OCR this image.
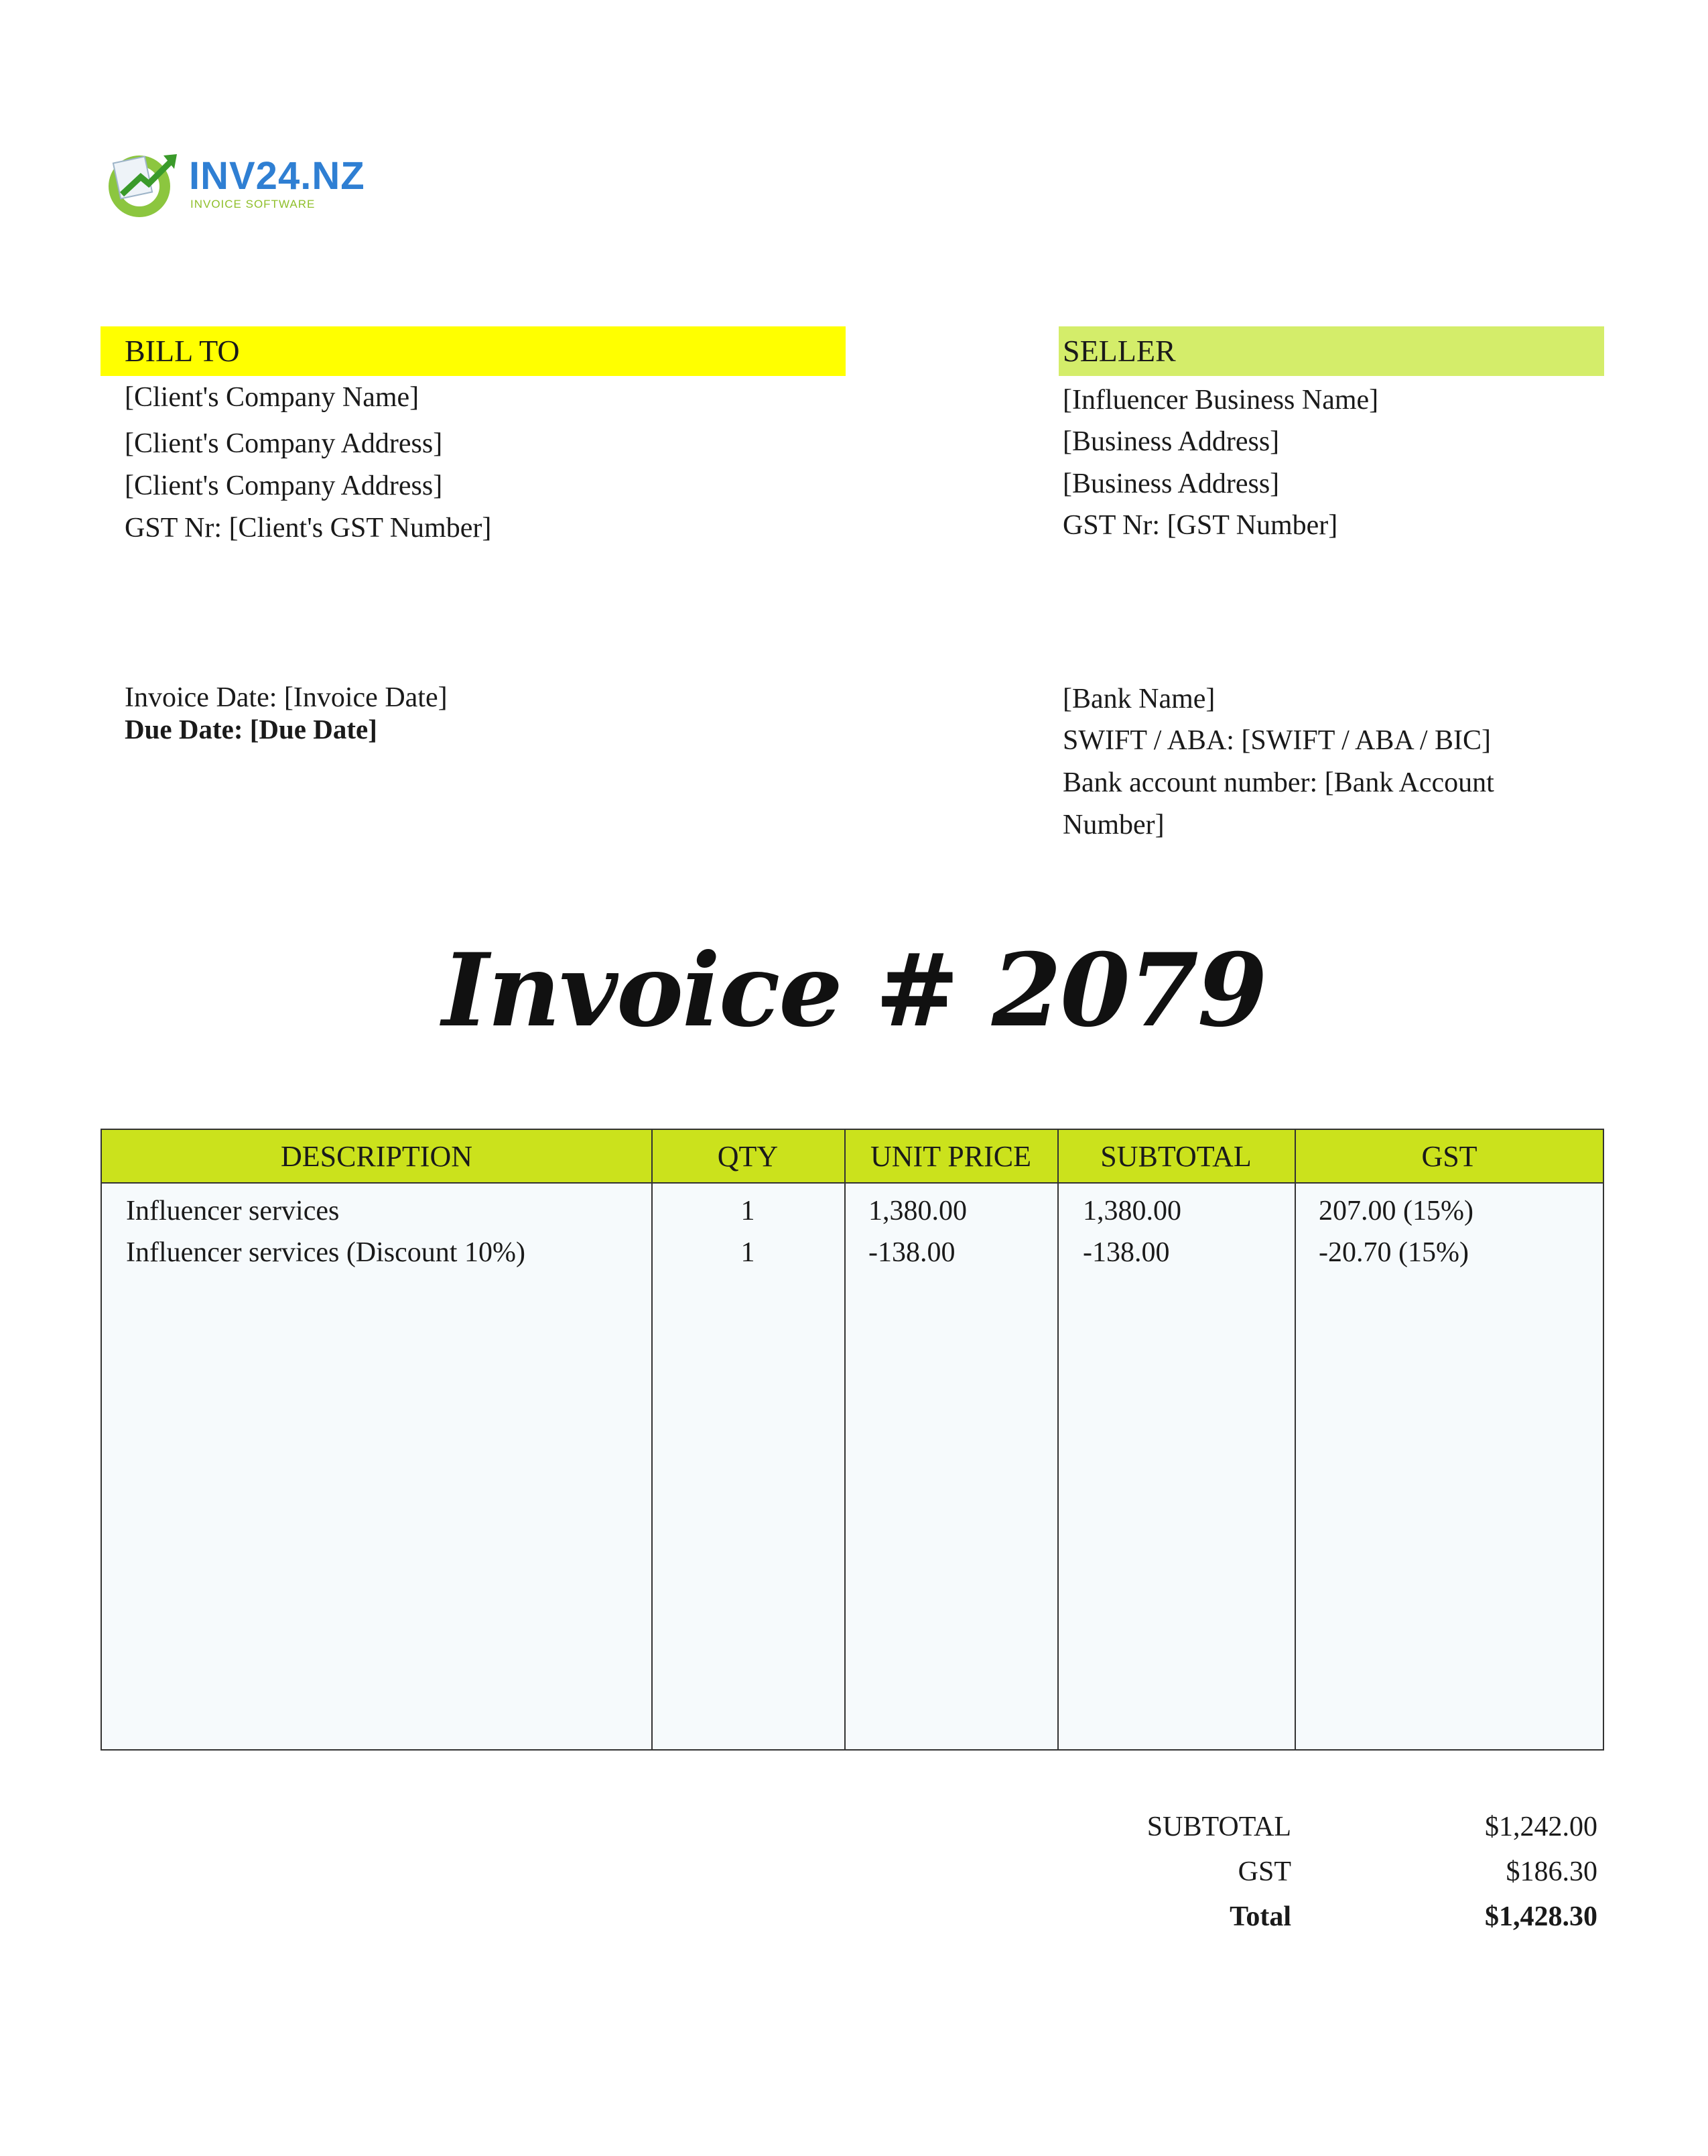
INV24.NZ
INVOICE SOFTWARE
BILL TO
[Client's Company Name]
[Client's Company Address]
[Client's Company Address]
GST Nr: [Client's GST Number]
SELLER
[Influencer Business Name]
[Business Address]
[Business Address]
GST Nr: [GST Number]
Invoice Date: [Invoice Date]
Due Date: [Due Date]
[Bank Name]
SWIFT / ABA: [SWIFT / ABA / BIC]
Bank account number: [Bank Account
Number]
Invoice # 2079
DESCRIPTION	QTY	UNIT PRICE	SUBTOTAL	GST
Influencer services	1	1,380.00	1,380.00	207.00 (15%)
Influencer services (Discount 10%)	1	-138.00	-138.00	-20.70 (15%)
SUBTOTAL	$1,242.00
GST	$186.30
Total	$1,428.30
